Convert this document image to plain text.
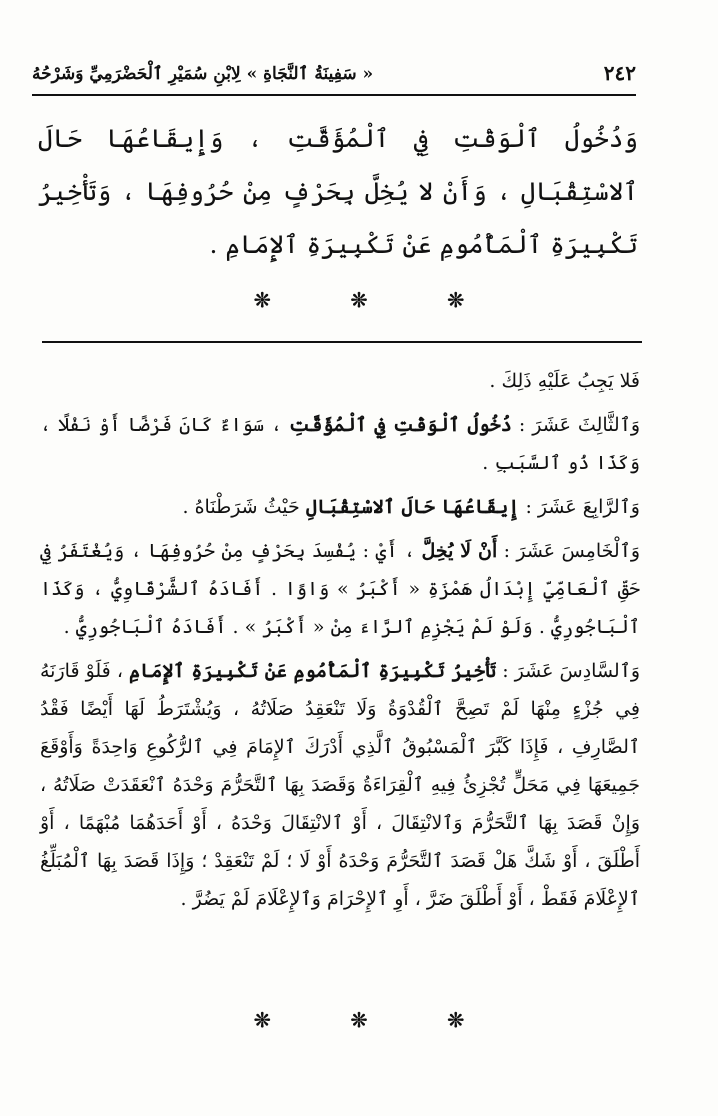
٢٤٢
« سَفِينَةُ ٱلنَّجَاةِ » لِابْنِ سُمَيْرِ ٱلْحَضْرَمِيِّ وَشَرْحُهُ

وَدُخُولُ ٱلْوَقْتِ فِي ٱلْمُؤَقَّتِ ، وَإِيقَاعُهَا حَالَ ٱلاسْتِقْبَالِ ، وَأَنْ لا يُخِلَّ بِحَرْفٍ مِنْ حُرُوفِهَا ، وَتَأْخِيرُ تَكْبِيرَةِ ٱلْمَأْمُومِ عَنْ تَكْبِيرَةِ ٱلإِمَامِ .

❊
❊
❊

فَلا يَجِبُ عَلَيْهِ ذَلِكَ .

وَٱلثَّالِثَ عَشَرَ : دُخُولُ ٱلْوَقْتِ فِي ٱلْمُؤَقَّتِ ، سَوَاءٌ كَانَ فَرْضًا أَوْ نَفْلًا ، وَكَذَا ذُو ٱلسَّبَبِ .

وَٱلرَّابِعَ عَشَرَ : إِيقَاعُهَا حَالَ ٱلاسْتِقْبَالِ حَيْثُ شَرَطْنَاهُ .

وَٱلْخَامِسَ عَشَرَ : أَنْ لَا يُخِلَّ ، أَيْ : يُفْسِدَ بِحَرْفٍ مِنْ حُرُوفِهَا ، وَيُغْتَفَرُ فِي حَقِّ ٱلْعَامِّيِّ إِبْدَالُ هَمْزَةِ « أَكْبَرُ » وَاوًا . أَفَادَهُ ٱلشَّرْقَاوِيُّ ، وَكَذَا ٱلْبَاجُورِيُّ . وَلَوْ لَمْ يَجْزِمِ ٱلرَّاءَ مِنْ « أَكْبَرُ » . أَفَادَهُ ٱلْبَاجُورِيُّ .

وَٱلسَّادِسَ عَشَرَ : تَأْخِيرُ تَكْبِيرَةِ ٱلْمَأْمُومِ عَنْ تَكْبِيرَةِ ٱلإِمَامِ ، فَلَوْ قَارَنَهُ فِي جُزْءٍ مِنْهَا لَمْ تَصِحَّ ٱلْقُدْوَةُ وَلَا تَنْعَقِدُ صَلَاتُهُ ، وَيُشْتَرَطُ لَهَا أَيْضًا فَقْدُ ٱلصَّارِفِ ، فَإِذَا كَبَّرَ ٱلْمَسْبُوقُ ٱلَّذِي أَدْرَكَ ٱلإِمَامَ فِي ٱلرُّكُوعِ وَاحِدَةً وَأَوْقَعَ جَمِيعَهَا فِي مَحَلٍّ تُجْزِئُ فِيهِ ٱلْقِرَاءَةُ وَقَصَدَ بِهَا ٱلتَّحَرُّمَ وَحْدَهُ ٱنْعَقَدَتْ صَلَاتُهُ ، وَإِنْ قَصَدَ بِهَا ٱلتَّحَرُّمَ وَٱلانْتِقَالَ ، أَوْ ٱلانْتِقَالَ وَحْدَهُ ، أَوْ أَحَدَهُمَا مُبْهَمًا ، أَوْ أَطْلَقَ ، أَوْ شَكَّ هَلْ قَصَدَ ٱلتَّحَرُّمَ وَحْدَهُ أَوْ لَا ؛ لَمْ تَنْعَقِدْ ؛ وَإِذَا قَصَدَ بِهَا ٱلْمُبَلِّغُ ٱلإِعْلَامَ فَقَطْ ، أَوْ أَطْلَقَ ضَرَّ ، أَوِ ٱلإِحْرَامَ وَٱلإِعْلَامَ لَمْ يَضُرَّ .

❊
❊
❊
